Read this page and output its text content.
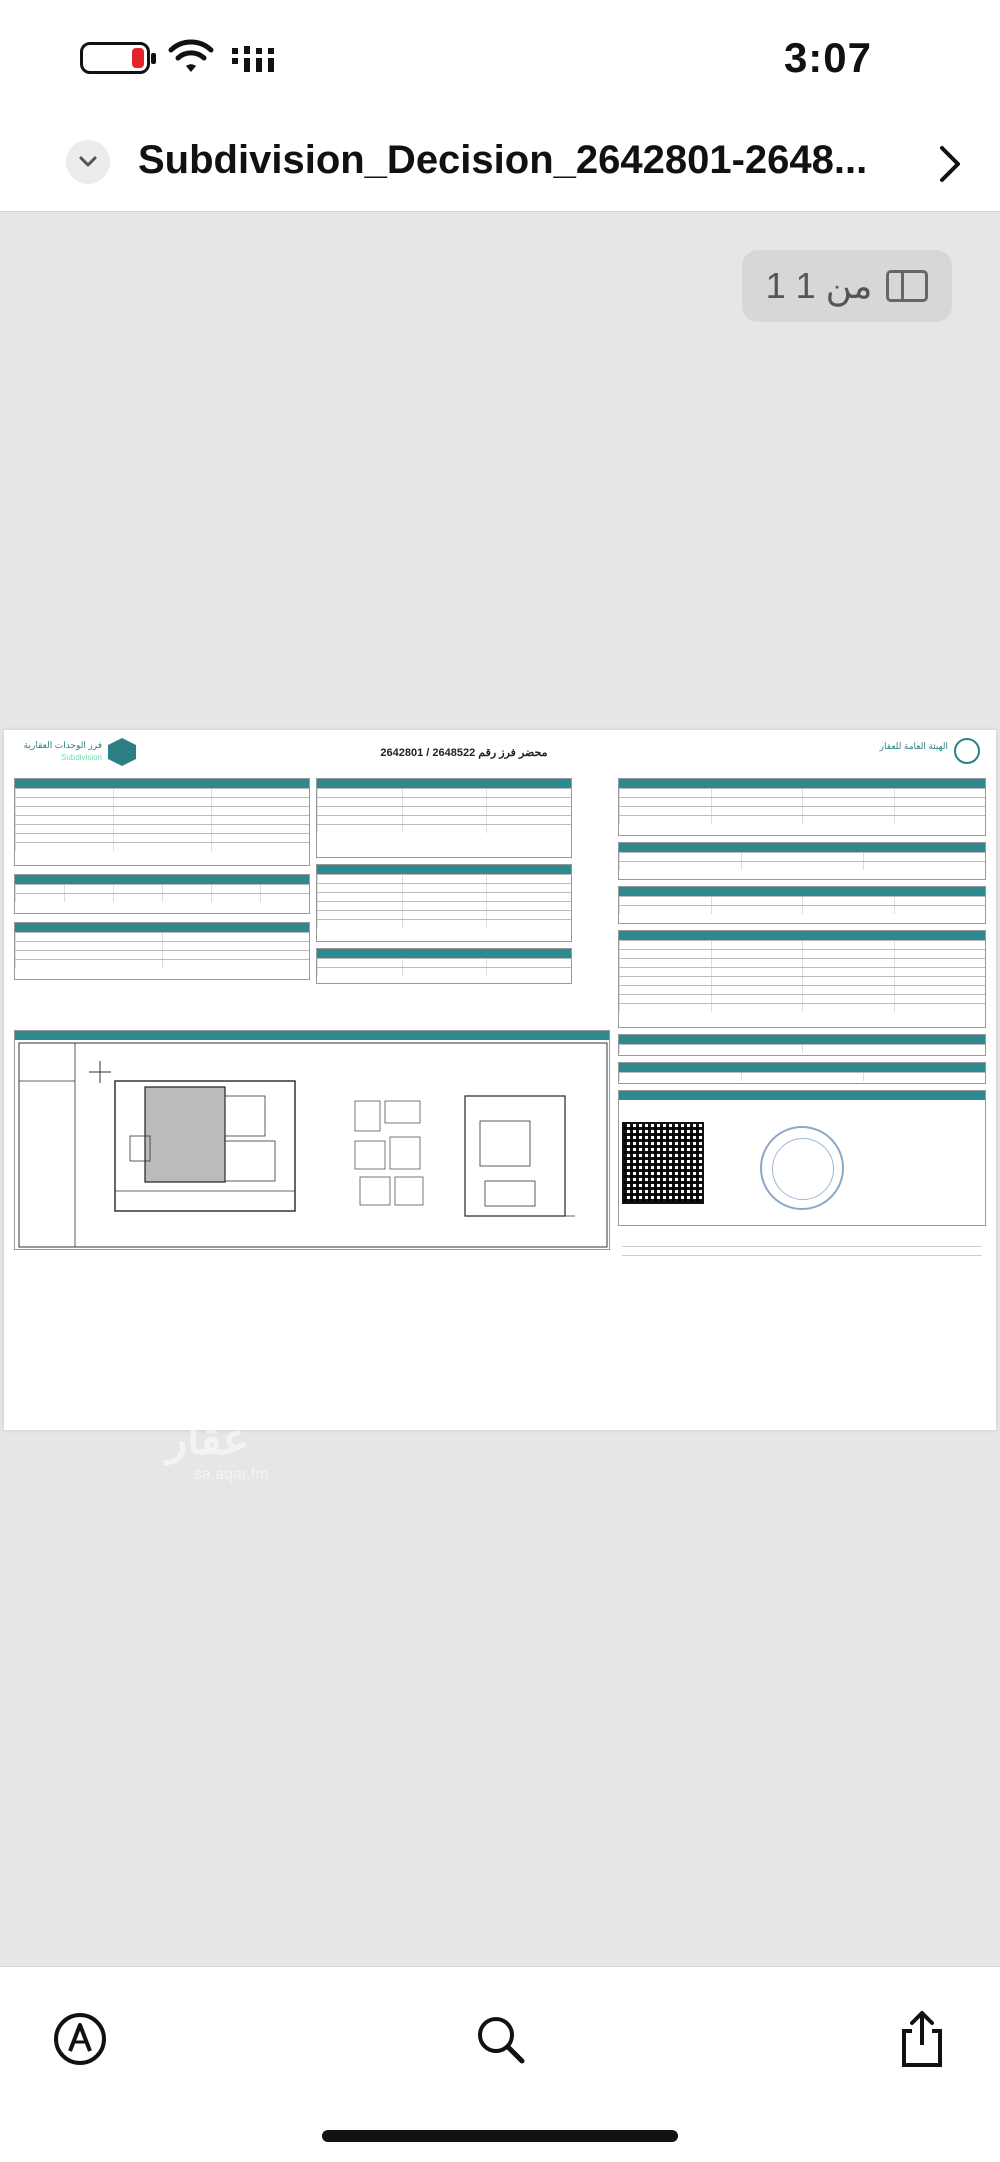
3:07
Subdivision_Decision_2642801-2648...
1 من 1
فرز الوحدات العقارية
Subdivision	محضر فرز رقم 2648522 / 2642801
الهيئة العامة للعقار
عقار
sa.aqar.fm
